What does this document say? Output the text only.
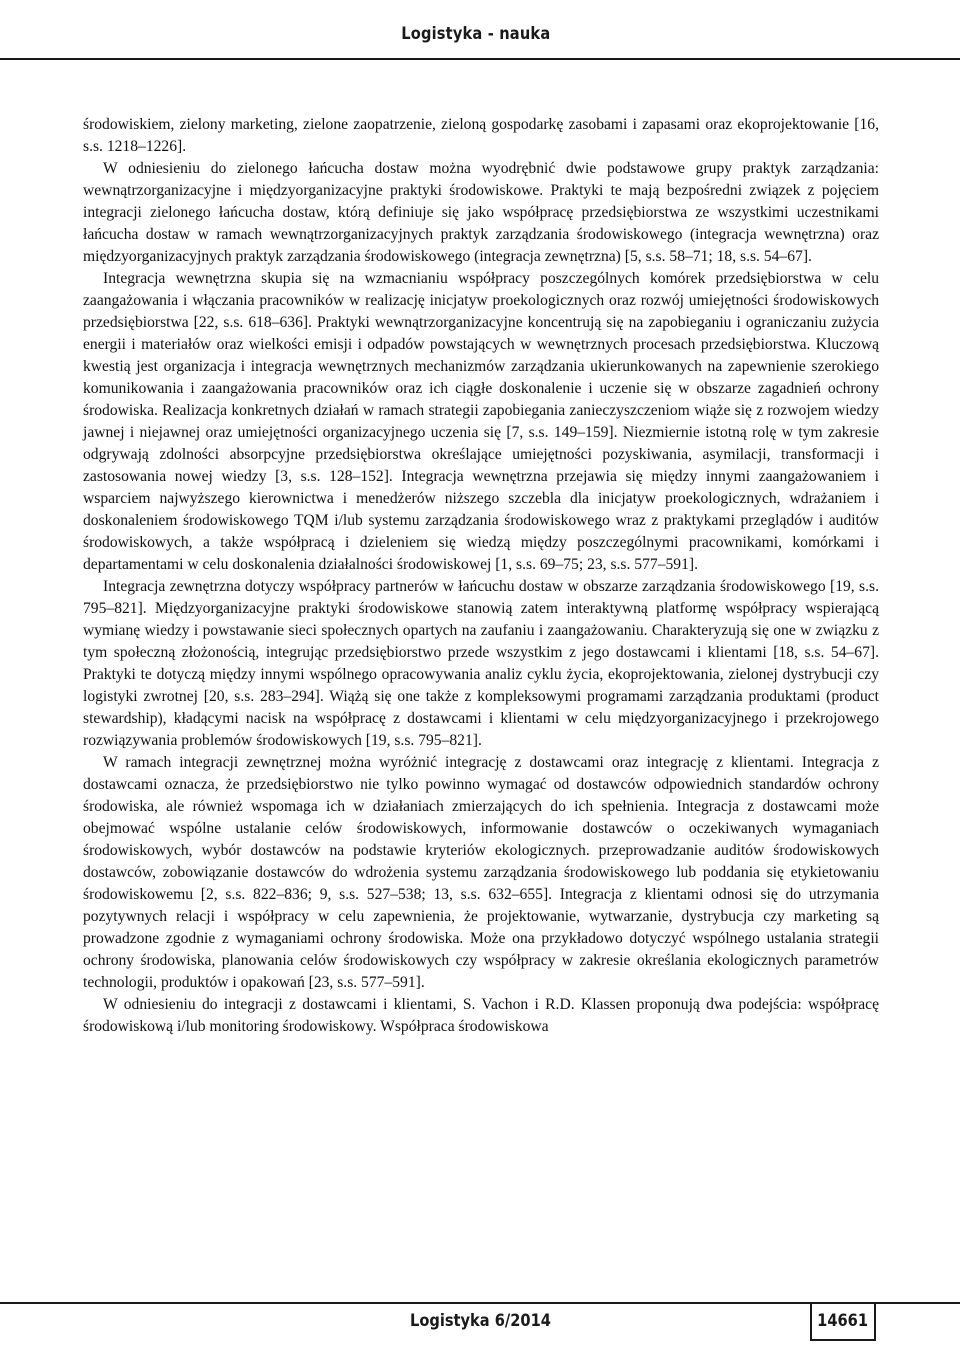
Logistyka - nauka

środowiskiem, zielony marketing, zielone zaopatrzenie, zieloną gospodarkę zasobami i zapasami oraz ekoprojektowanie [16, s.s. 1218–1226].

W odniesieniu do zielonego łańcucha dostaw można wyodrębnić dwie podstawowe grupy praktyk zarządzania: wewnątrzorganizacyjne i międzyorganizacyjne praktyki środowiskowe. Praktyki te mają bezpośredni związek z pojęciem integracji zielonego łańcucha dostaw, którą definiuje się jako współpracę przedsiębiorstwa ze wszystkimi uczestnikami łańcucha dostaw w ramach wewnątrzorganizacyjnych praktyk zarządzania środowiskowego (integracja wewnętrzna) oraz międzyorganizacyjnych praktyk zarządzania środowiskowego (integracja zewnętrzna) [5, s.s. 58–71; 18, s.s. 54–67].

Integracja wewnętrzna skupia się na wzmacnianiu współpracy poszczególnych komórek przedsiębiorstwa w celu zaangażowania i włączania pracowników w realizację inicjatyw proekologicznych oraz rozwój umiejętności środowiskowych przedsiębiorstwa [22, s.s. 618–636]. Praktyki wewnątrzorganizacyjne koncentrują się na zapobieganiu i ograniczaniu zużycia energii i materiałów oraz wielkości emisji i odpadów powstających w wewnętrznych procesach przedsiębiorstwa. Kluczową kwestią jest organizacja i integracja wewnętrznych mechanizmów zarządzania ukierunkowanych na zapewnienie szerokiego komunikowania i zaangażowania pracowników oraz ich ciągłe doskonalenie i uczenie się w obszarze zagadnień ochrony środowiska. Realizacja konkretnych działań w ramach strategii zapobiegania zanieczyszczeniom wiąże się z rozwojem wiedzy jawnej i niejawnej oraz umiejętności organizacyjnego uczenia się [7, s.s. 149–159]. Niezmiernie istotną rolę w tym zakresie odgrywają zdolności absorpcyjne przedsiębiorstwa określające umiejętności pozyskiwania, asymilacji, transformacji i zastosowania nowej wiedzy [3, s.s. 128–152]. Integracja wewnętrzna przejawia się między innymi zaangażowaniem i wsparciem najwyższego kierownictwa i menedżerów niższego szczebla dla inicjatyw proekologicznych, wdrażaniem i doskonaleniem środowiskowego TQM i/lub systemu zarządzania środowiskowego wraz z praktykami przeglądów i auditów środowiskowych, a także współpracą i dzieleniem się wiedzą między poszczególnymi pracownikami, komórkami i departamentami w celu doskonalenia działalności środowiskowej [1, s.s. 69–75; 23, s.s. 577–591].

Integracja zewnętrzna dotyczy współpracy partnerów w łańcuchu dostaw w obszarze zarządzania środowiskowego [19, s.s. 795–821]. Międzyorganizacyjne praktyki środowiskowe stanowią zatem interaktywną platformę współpracy wspierającą wymianę wiedzy i powstawanie sieci społecznych opartych na zaufaniu i zaangażowaniu. Charakteryzują się one w związku z tym społeczną złożonością, integrując przedsiębiorstwo przede wszystkim z jego dostawcami i klientami [18, s.s. 54–67]. Praktyki te dotyczą między innymi wspólnego opracowywania analiz cyklu życia, ekoprojektowania, zielonej dystrybucji czy logistyki zwrotnej [20, s.s. 283–294]. Wiążą się one także z kompleksowymi programami zarządzania produktami (product stewardship), kładącymi nacisk na współpracę z dostawcami i klientami w celu międzyorganizacyjnego i przekrojowego rozwiązywania problemów środowiskowych [19, s.s. 795–821].

W ramach integracji zewnętrznej można wyróżnić integrację z dostawcami oraz integrację z klientami. Integracja z dostawcami oznacza, że przedsiębiorstwo nie tylko powinno wymagać od dostawców odpowiednich standardów ochrony środowiska, ale również wspomaga ich w działaniach zmierzających do ich spełnienia. Integracja z dostawcami może obejmować wspólne ustalanie celów środowiskowych, informowanie dostawców o oczekiwanych wymaganiach środowiskowych, wybór dostawców na podstawie kryteriów ekologicznych. przeprowadzanie auditów środowiskowych dostawców, zobowiązanie dostawców do wdrożenia systemu zarządzania środowiskowego lub poddania się etykietowaniu środowiskowemu [2, s.s. 822–836; 9, s.s. 527–538; 13, s.s. 632–655]. Integracja z klientami odnosi się do utrzymania pozytywnych relacji i współpracy w celu zapewnienia, że projektowanie, wytwarzanie, dystrybucja czy marketing są prowadzone zgodnie z wymaganiami ochrony środowiska. Może ona przykładowo dotyczyć wspólnego ustalania strategii ochrony środowiska, planowania celów środowiskowych czy współpracy w zakresie określania ekologicznych parametrów technologii, produktów i opakowań [23, s.s. 577–591].

W odniesieniu do integracji z dostawcami i klientami, S. Vachon i R.D. Klassen proponują dwa podejścia: współpracę środowiskową i/lub monitoring środowiskowy. Współpraca środowiskowa

Logistyka 6/2014	14661
